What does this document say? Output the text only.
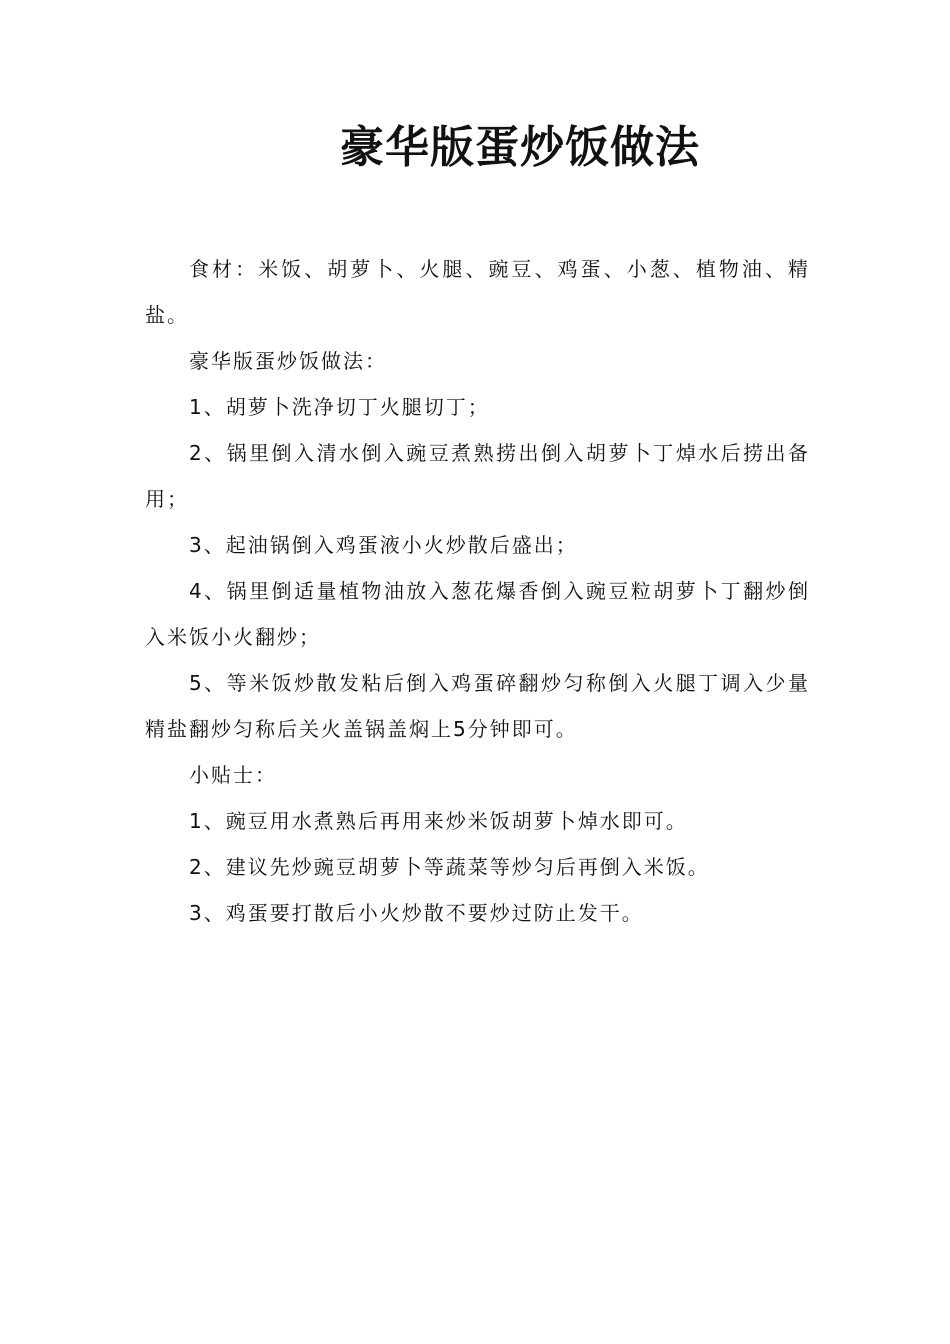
豪华版蛋炒饭做法

食材：米饭、胡萝卜、火腿、豌豆、鸡蛋、小葱、植物油、精盐。

豪华版蛋炒饭做法：

1、胡萝卜洗净切丁火腿切丁；

2、锅里倒入清水倒入豌豆煮熟捞出倒入胡萝卜丁焯水后捞出备用；

3、起油锅倒入鸡蛋液小火炒散后盛出；

4、锅里倒适量植物油放入葱花爆香倒入豌豆粒胡萝卜丁翻炒倒入米饭小火翻炒；

5、等米饭炒散发粘后倒入鸡蛋碎翻炒匀称倒入火腿丁调入少量精盐翻炒匀称后关火盖锅盖焖上5分钟即可。

小贴士：

1、豌豆用水煮熟后再用来炒米饭胡萝卜焯水即可。

2、建议先炒豌豆胡萝卜等蔬菜等炒匀后再倒入米饭。

3、鸡蛋要打散后小火炒散不要炒过防止发干。
